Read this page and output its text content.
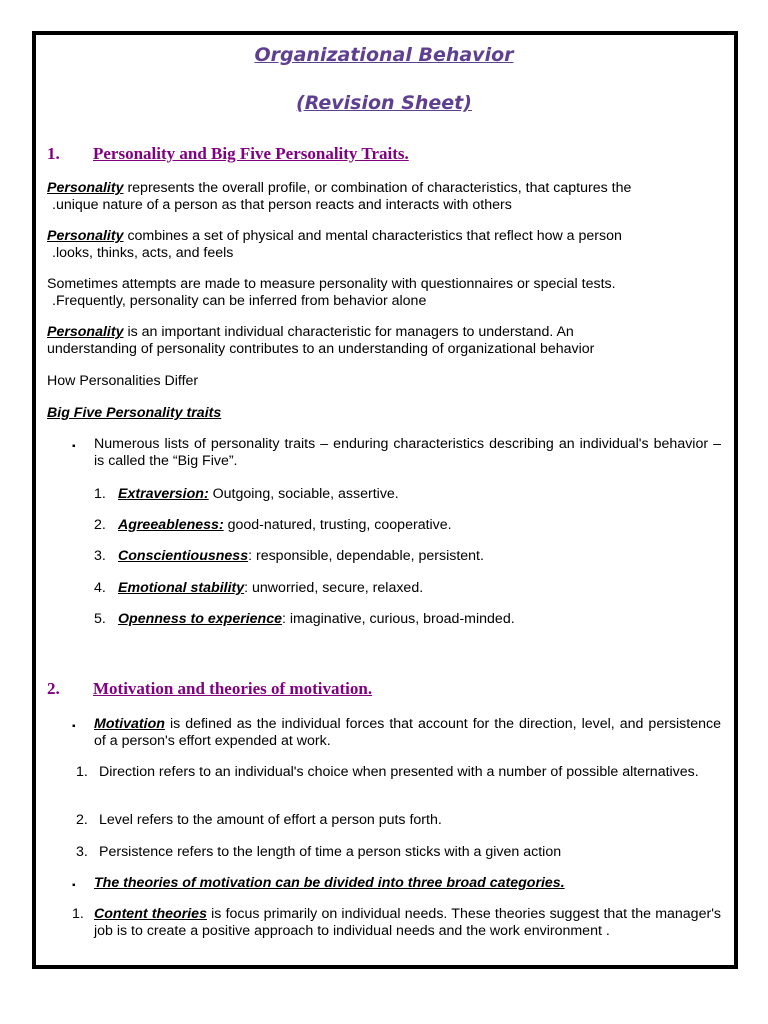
Organizational Behavior
(Revision Sheet)
1. Personality and Big Five Personality Traits.
Personality represents the overall profile, or combination of characteristics, that captures the
.unique nature of a person as that person reacts and interacts with others
Personality combines a set of physical and mental characteristics that reflect how a person
.looks, thinks, acts, and feels
Sometimes attempts are made to measure personality with questionnaires or special tests.
.Frequently, personality can be inferred from behavior alone
Personality is an important individual characteristic for managers to understand. An
understanding of personality contributes to an understanding of organizational behavior
How Personalities Differ
Big Five Personality traits
▪ Numerous lists of personality traits – enduring characteristics describing an individual's behavior – is called the “Big Five”.
1. Extraversion: Outgoing, sociable, assertive.
2. Agreeableness: good-natured, trusting, cooperative.
3. Conscientiousness: responsible, dependable, persistent.
4. Emotional stability: unworried, secure, relaxed.
5. Openness to experience: imaginative, curious, broad-minded.
2. Motivation and theories of motivation.
▪ Motivation is defined as the individual forces that account for the direction, level, and persistence of a person's effort expended at work.
1. Direction refers to an individual's choice when presented with a number of possible alternatives.
2. Level refers to the amount of effort a person puts forth.
3. Persistence refers to the length of time a person sticks with a given action
▪ The theories of motivation can be divided into three broad categories.
1. Content theories is focus primarily on individual needs. These theories suggest that the manager's job is to create a positive approach to individual needs and the work environment .
